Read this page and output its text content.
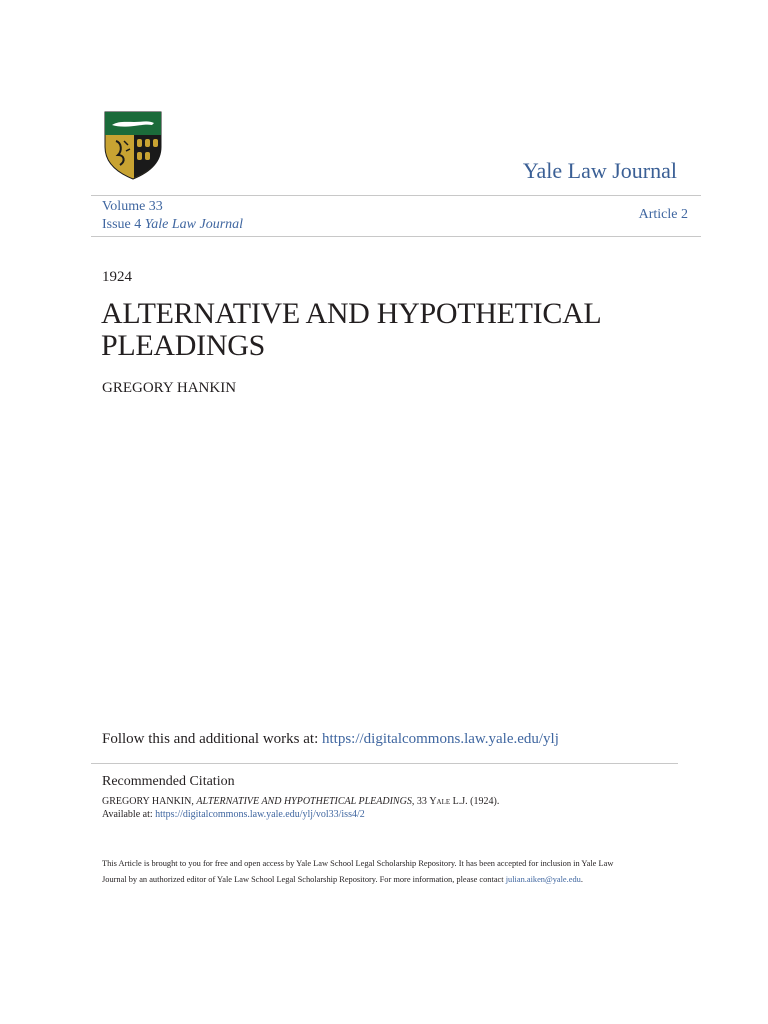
Yale Law Journal
Volume 33
Issue 4 Yale Law Journal
Article 2
1924
ALTERNATIVE AND HYPOTHETICAL
PLEADINGS
GREGORY HANKIN
Follow this and additional works at: https://digitalcommons.law.yale.edu/ylj
Recommended Citation
GREGORY HANKIN, ALTERNATIVE AND HYPOTHETICAL PLEADINGS, 33 Yale L.J. (1924).
Available at: https://digitalcommons.law.yale.edu/ylj/vol33/iss4/2
This Article is brought to you for free and open access by Yale Law School Legal Scholarship Repository. It has been accepted for inclusion in Yale Law
Journal by an authorized editor of Yale Law School Legal Scholarship Repository. For more information, please contact julian.aiken@yale.edu.
